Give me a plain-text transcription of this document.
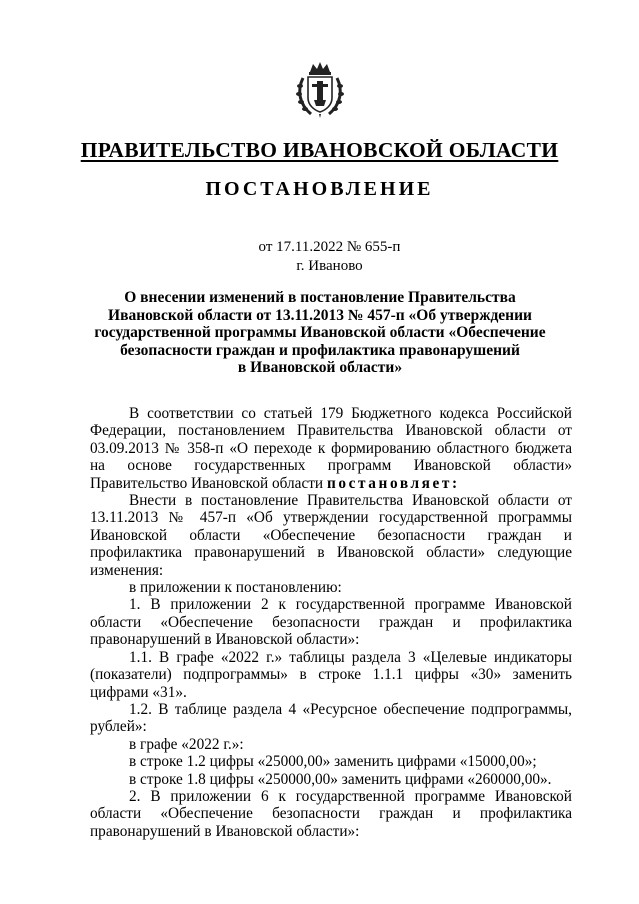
ПРАВИТЕЛЬСТВО ИВАНОВСКОЙ ОБЛАСТИ
ПОСТАНОВЛЕНИЕ
от 17.11.2022 № 655-п
г. Иваново
О внесении изменений в постановление Правительства
Ивановской области от 13.11.2013 № 457-п «Об утверждении
государственной программы Ивановской области «Обеспечение
безопасности граждан и профилактика правонарушений
в Ивановской области»

В соответствии со статьей 179 Бюджетного кодекса Российской Федерации, постановлением Правительства Ивановской области от 03.09.2013 № 358-п «О переходе к формированию областного бюджета на основе государственных программ Ивановской области» Правительство Ивановской области постановляет:

Внести в постановление Правительства Ивановской области от 13.11.2013 № 457-п «Об утверждении государственной программы Ивановской области «Обеспечение безопасности граждан и профилактика правонарушений в Ивановской области» следующие изменения:

в приложении к постановлению:

1. В приложении 2 к государственной программе Ивановской области «Обеспечение безопасности граждан и профилактика правонарушений в Ивановской области»:

1.1. В графе «2022 г.» таблицы раздела 3 «Целевые индикаторы (показатели) подпрограммы» в строке 1.1.1 цифры «30» заменить цифрами «31».

1.2. В таблице раздела 4 «Ресурсное обеспечение подпрограммы, рублей»:

в графе «2022 г.»:

в строке 1.2 цифры «25000,00» заменить цифрами «15000,00»;

в строке 1.8 цифры «250000,00» заменить цифрами «260000,00».

2. В приложении 6 к государственной программе Ивановской области «Обеспечение безопасности граждан и профилактика правонарушений в Ивановской области»:
